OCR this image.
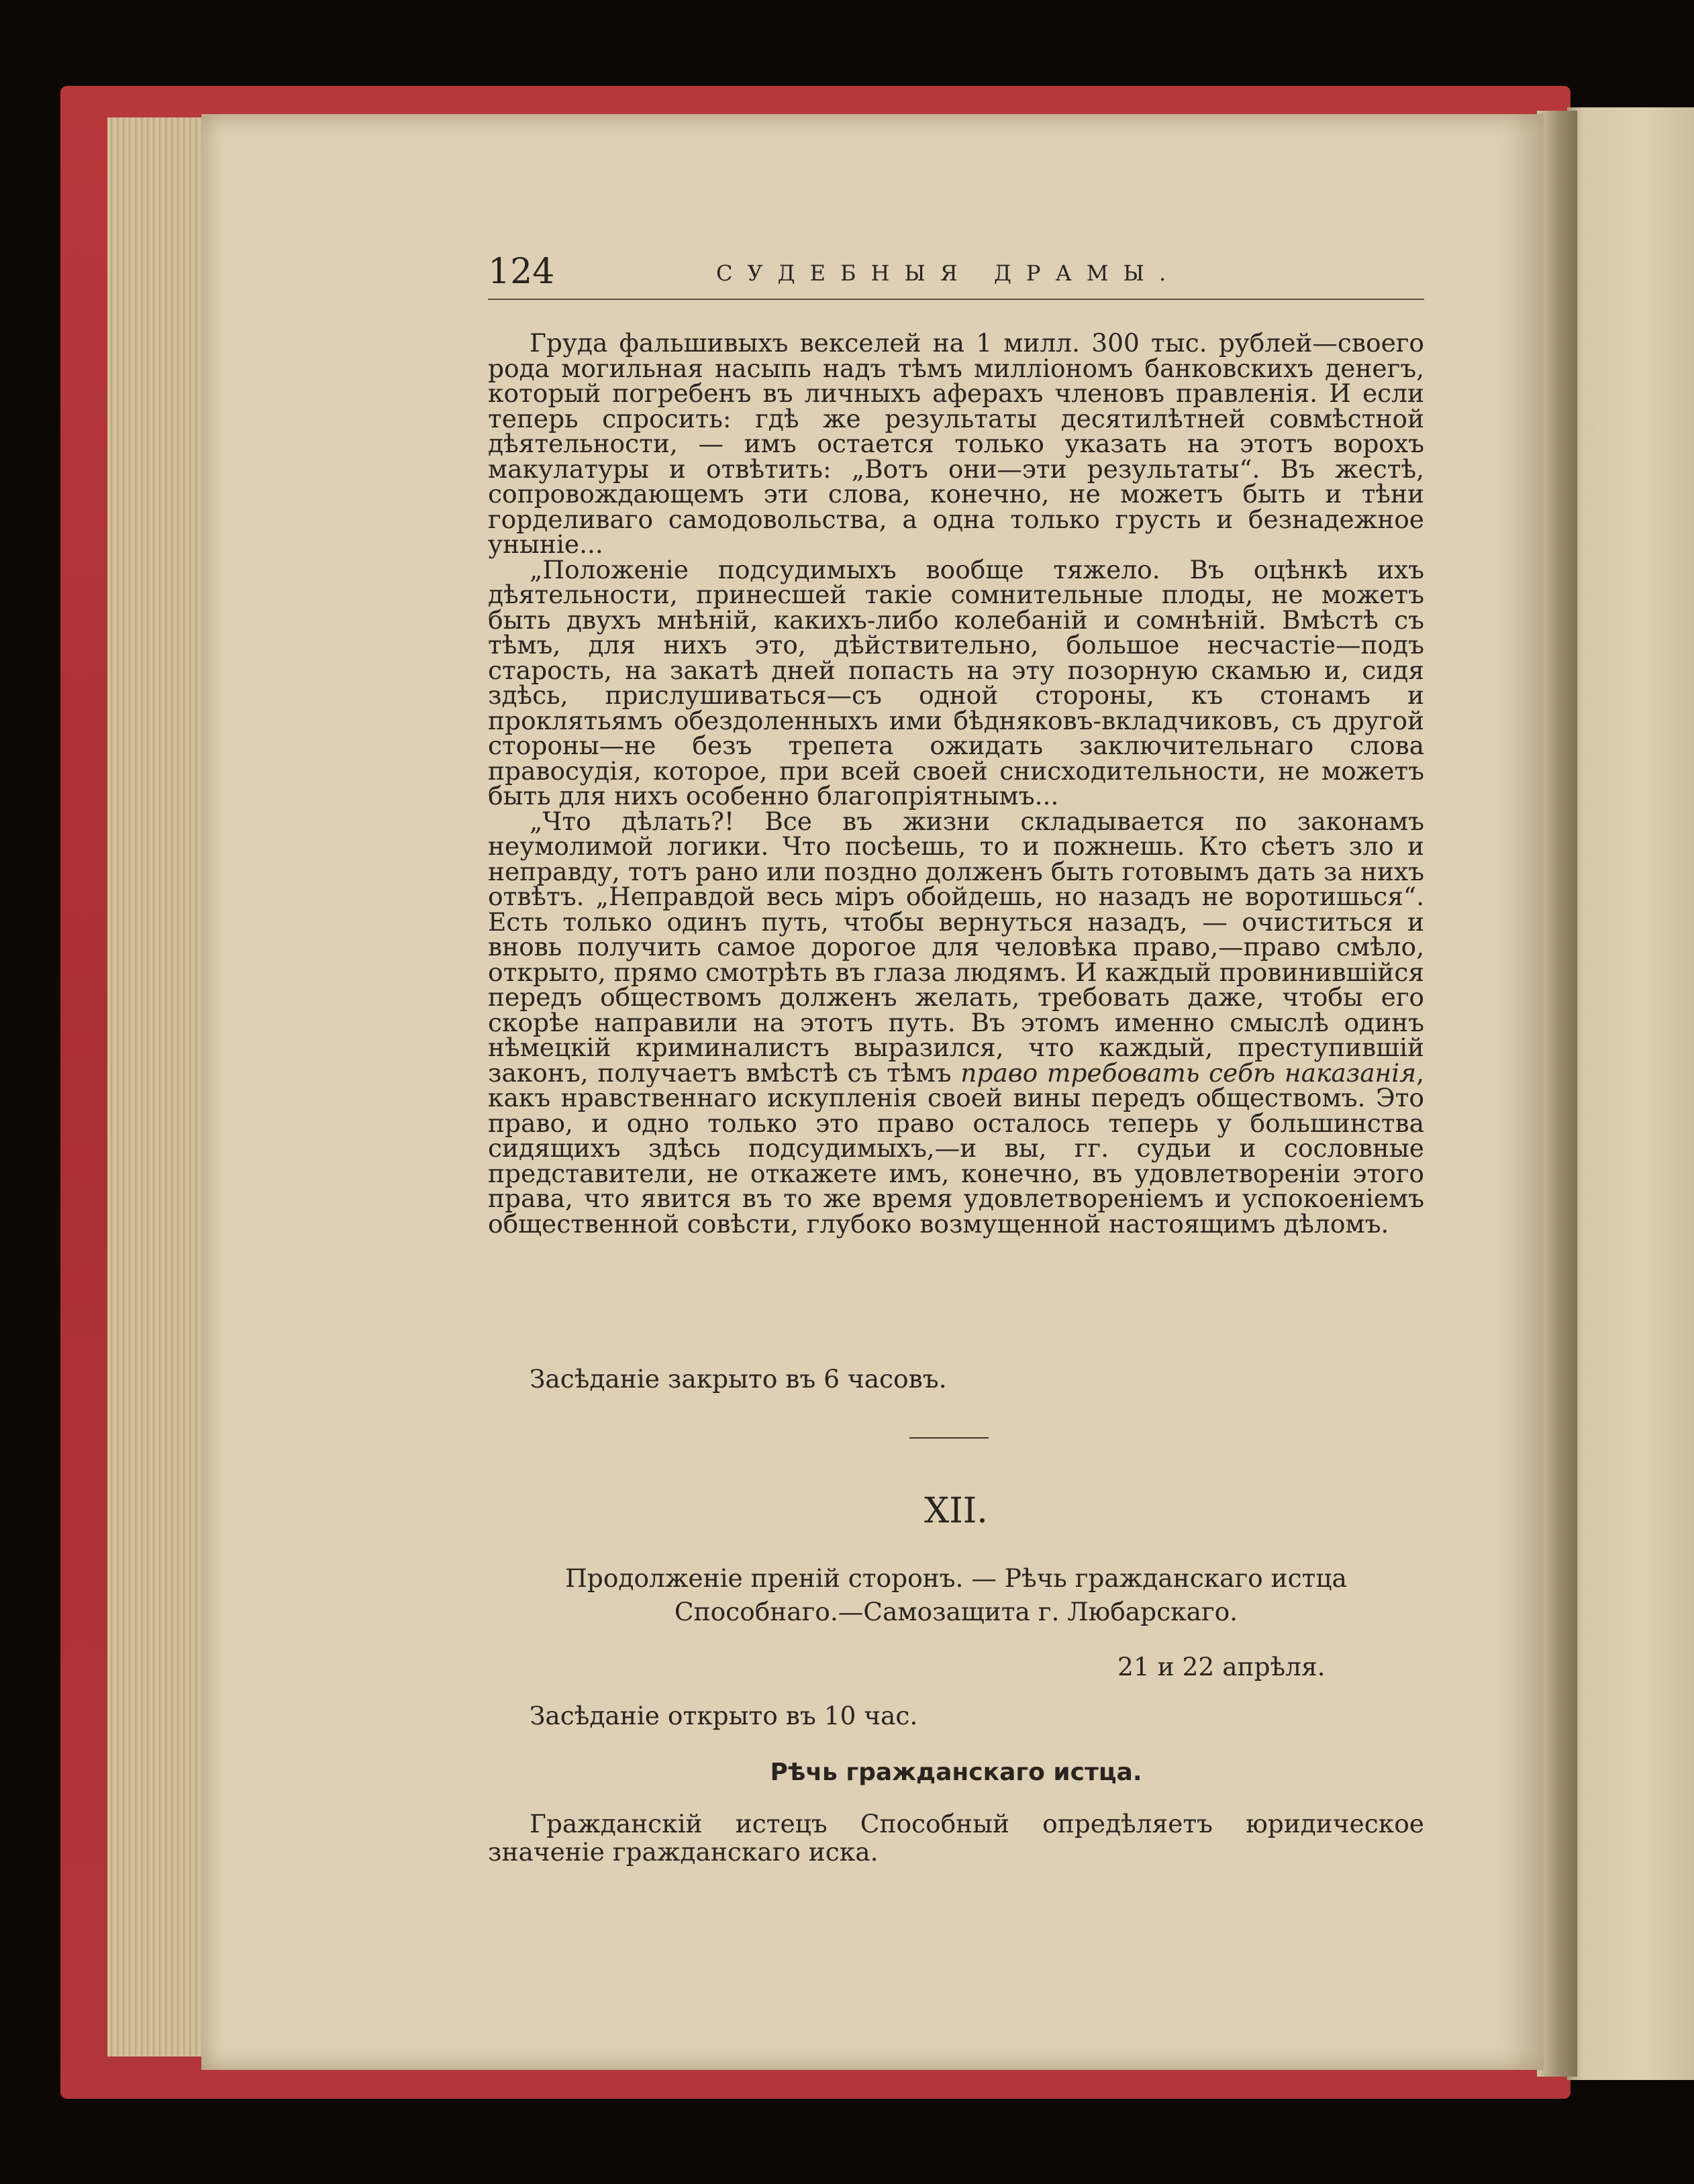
124	СУДЕБНЫЯ ДРАМЫ.

Груда фальшивыхъ векселей на 1 милл. 300 тыс. рублей—своего рода могильная насыпь надъ тѣмъ милліономъ банковскихъ денегъ, который погребенъ въ личныхъ аферахъ членовъ правленія. И если теперь спросить: гдѣ же результаты десятилѣтней совмѣстной дѣятельности, — имъ остается только указать на этотъ ворохъ макулатуры и отвѣтить: „Вотъ они—эти результаты“. Въ жестѣ, сопровождающемъ эти слова, конечно, не можетъ быть и тѣни горделиваго самодовольства, а одна только грусть и безнадежное уныніе...

„Положеніе подсудимыхъ вообще тяжело. Въ оцѣнкѣ ихъ дѣятельности, принесшей такіе сомнительные плоды, не можетъ быть двухъ мнѣній, какихъ-либо колебаній и сомнѣній. Вмѣстѣ съ тѣмъ, для нихъ это, дѣйствительно, большое несчастіе—подъ старость, на закатѣ дней попасть на эту позорную скамью и, сидя здѣсь, прислушиваться—съ одной стороны, къ стонамъ и проклятьямъ обездоленныхъ ими бѣдняковъ-вкладчиковъ, съ другой стороны—не безъ трепета ожидать заключительнаго слова правосудія, которое, при всей своей снисходительности, не можетъ быть для нихъ особенно благопріятнымъ...

„Что дѣлать?! Все въ жизни складывается по законамъ неумолимой логики. Что посѣешь, то и пожнешь. Кто сѣетъ зло и неправду, тотъ рано или поздно долженъ быть готовымъ дать за нихъ отвѣтъ. „Неправдой весь міръ обойдешь, но назадъ не воротишься“. Есть только одинъ путь, чтобы вернуться назадъ, — очиститься и вновь получить самое дорогое для человѣка право,—право смѣло, открыто, прямо смотрѣть въ глаза людямъ. И каждый провинившійся передъ обществомъ долженъ желать, требовать даже, чтобы его скорѣе направили на этотъ путь. Въ этомъ именно смыслѣ одинъ нѣмецкій криминалистъ выразился, что каждый, преступившій законъ, получаетъ вмѣстѣ съ тѣмъ право требовать себѣ наказанія, какъ нравственнаго искупленія своей вины передъ обществомъ. Это право, и одно только это право осталось теперь у большинства сидящихъ здѣсь подсудимыхъ,—и вы, гг. судьи и сословные представители, не откажете имъ, конечно, въ удовлетвореніи этого права, что явится въ то же время удовлетвореніемъ и успокоеніемъ общественной совѣсти, глубоко возмущенной настоящимъ дѣломъ.

Засѣданіе закрыто въ 6 часовъ.
XII.
Продолженіе преній сторонъ. — Рѣчь гражданскаго истца Способнаго.—Самозащита г. Любарскаго.
21 и 22 апрѣля.
Засѣданіе открыто въ 10 час.
Рѣчь гражданскаго истца.

Гражданскій истецъ Способный опредѣляетъ юридическое значеніе гражданскаго иска.
